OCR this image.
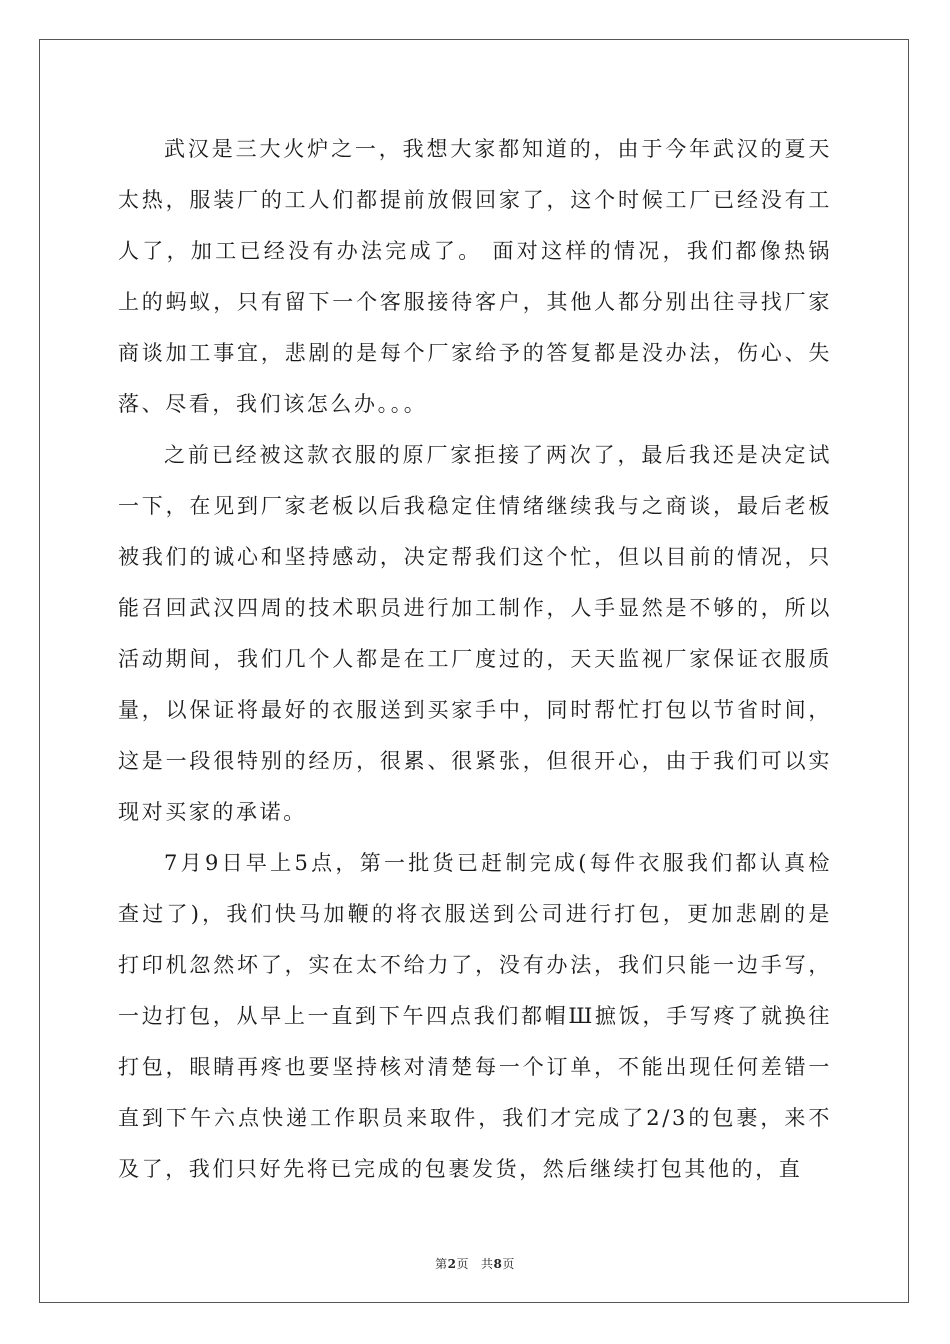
武汉是三大火炉之一，我想大家都知道的，由于今年武汉的夏天太热，服装厂的工人们都提前放假回家了，这个时候工厂已经没有工人了，加工已经没有办法完成了。 面对这样的情况，我们都像热锅上的蚂蚁，只有留下一个客服接待客户，其他人都分别出往寻找厂家商谈加工事宜，悲剧的是每个厂家给予的答复都是没办法，伤心、失落、尽看，我们该怎么办。。。

之前已经被这款衣服的原厂家拒接了两次了，最后我还是决定试一下，在见到厂家老板以后我稳定住情绪继续我与之商谈，最后老板被我们的诚心和坚持感动，决定帮我们这个忙，但以目前的情况，只能召回武汉四周的技术职员进行加工制作，人手显然是不够的，所以活动期间，我们几个人都是在工厂度过的，天天监视厂家保证衣服质量，以保证将最好的衣服送到买家手中，同时帮忙打包以节省时间，这是一段很特别的经历，很累、很紧张，但很开心，由于我们可以实现对买家的承诺。

7月9日早上5点，第一批货已赶制完成(每件衣服我们都认真检查过了)，我们快马加鞭的将衣服送到公司进行打包，更加悲剧的是打印机忽然坏了，实在太不给力了，没有办法，我们只能一边手写，一边打包，从早上一直到下午四点我们都帽Ш摭饭，手写疼了就换往打包，眼睛再疼也要坚持核对清楚每一个订单，不能出现任何差错一直到下午六点快递工作职员来取件，我们才完成了2/3的包裹，来不及了，我们只好先将已完成的包裹发货，然后继续打包其他的，直

第2页 共8页
